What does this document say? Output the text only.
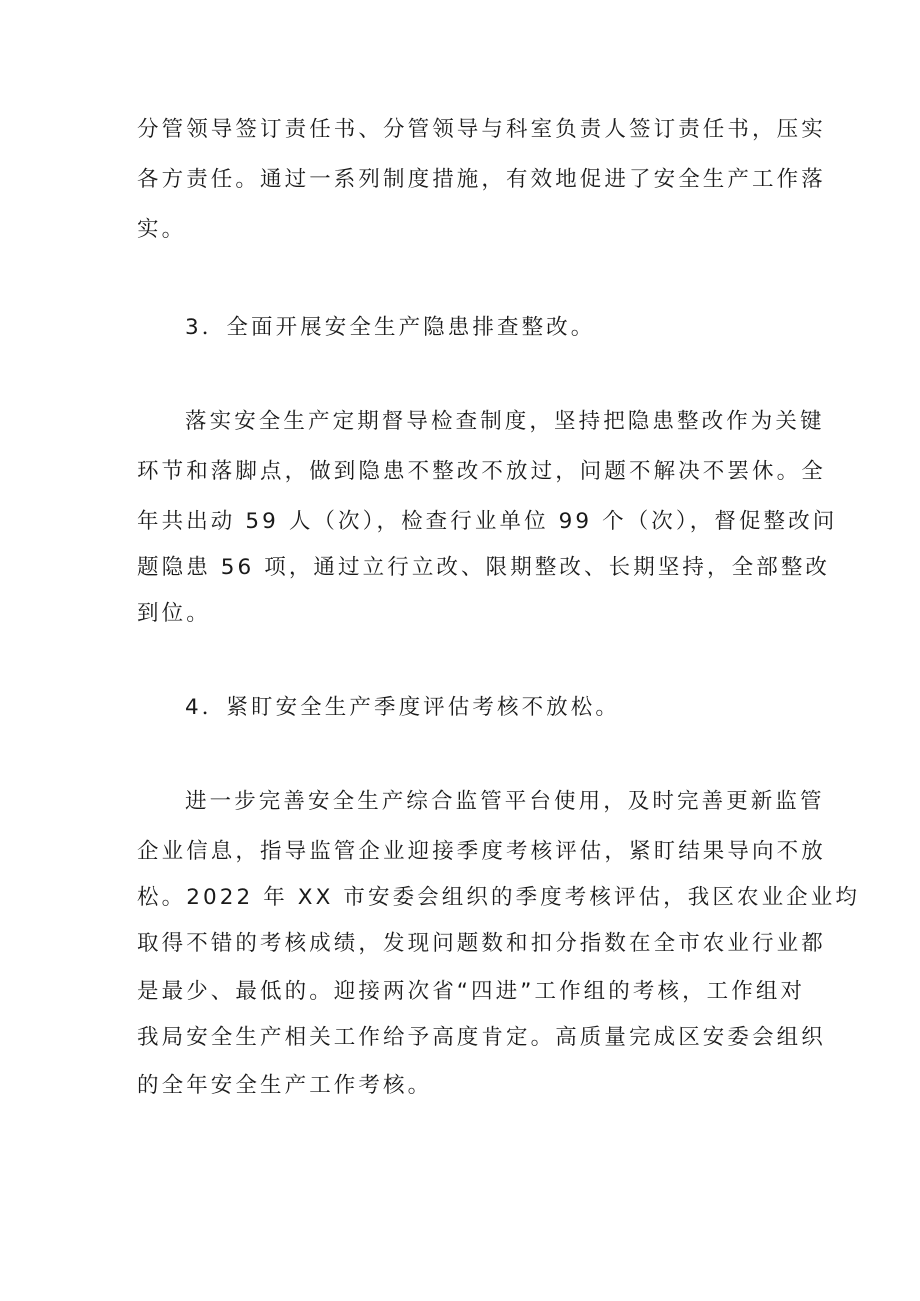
分管领导签订责任书、分管领导与科室负责人签订责任书，压实

各方责任。通过一系列制度措施，有效地促进了安全生产工作落

实。

3．全面开展安全生产隐患排查整改。

落实安全生产定期督导检查制度，坚持把隐患整改作为关键

环节和落脚点，做到隐患不整改不放过，问题不解决不罢休。全

年共出动 59 人（次），检查行业单位 99 个（次），督促整改问

题隐患 56 项，通过立行立改、限期整改、长期坚持，全部整改

到位。

4．紧盯安全生产季度评估考核不放松。

进一步完善安全生产综合监管平台使用，及时完善更新监管

企业信息，指导监管企业迎接季度考核评估，紧盯结果导向不放

松。2022 年 XX 市安委会组织的季度考核评估，我区农业企业均

取得不错的考核成绩，发现问题数和扣分指数在全市农业行业都

是最少、最低的。迎接两次省“四进”工作组的考核，工作组对

我局安全生产相关工作给予高度肯定。高质量完成区安委会组织

的全年安全生产工作考核。
